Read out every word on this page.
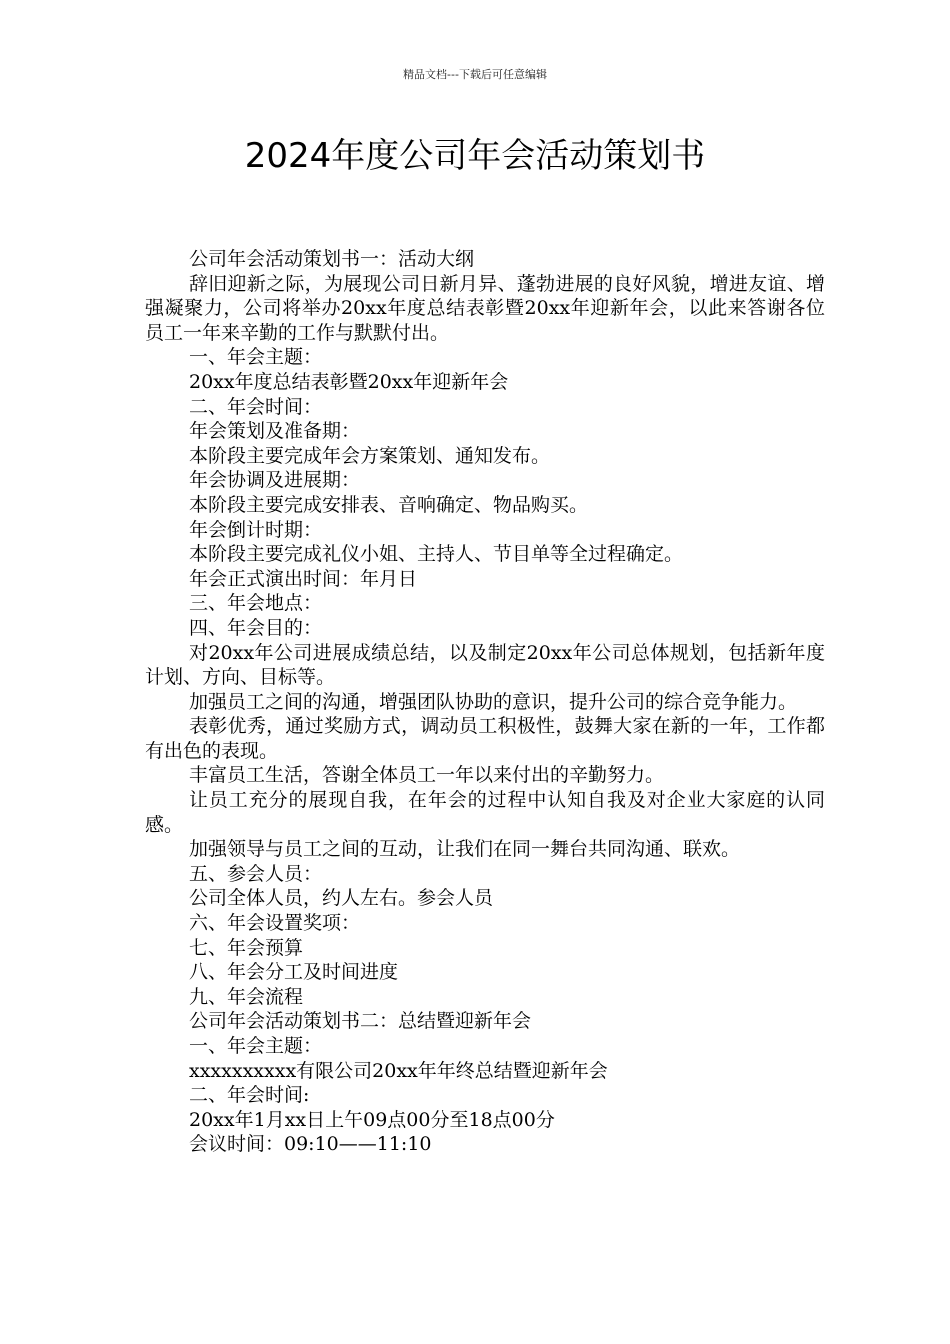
精品文档---下载后可任意编辑
2024年度公司年会活动策划书

公司年会活动策划书一：活动大纲

辞旧迎新之际，为展现公司日新月异、蓬勃进展的良好风貌，增进友谊、增强凝聚力，公司将举办20xx年度总结表彰暨20xx年迎新年会，以此来答谢各位员工一年来辛勤的工作与默默付出。

一、年会主题：

20xx年度总结表彰暨20xx年迎新年会

二、年会时间：

年会策划及准备期：

本阶段主要完成年会方案策划、通知发布。

年会协调及进展期：

本阶段主要完成安排表、音响确定、物品购买。

年会倒计时期：

本阶段主要完成礼仪小姐、主持人、节目单等全过程确定。

年会正式演出时间：年月日

三、年会地点：

四、年会目的：

对20xx年公司进展成绩总结，以及制定20xx年公司总体规划，包括新年度计划、方向、目标等。

加强员工之间的沟通，增强团队协助的意识，提升公司的综合竞争能力。

表彰优秀，通过奖励方式，调动员工积极性，鼓舞大家在新的一年，工作都有出色的表现。

丰富员工生活，答谢全体员工一年以来付出的辛勤努力。

让员工充分的展现自我，在年会的过程中认知自我及对企业大家庭的认同感。

加强领导与员工之间的互动，让我们在同一舞台共同沟通、联欢。

五、参会人员：

公司全体人员，约人左右。参会人员

六、年会设置奖项：

七、年会预算

八、年会分工及时间进度

九、年会流程

公司年会活动策划书二：总结暨迎新年会

一、年会主题：

xxxxxxxxxx有限公司20xx年年终总结暨迎新年会

二、年会时间:

20xx年1月xx日上午09点00分至18点00分

会议时间：09:10——11:10
